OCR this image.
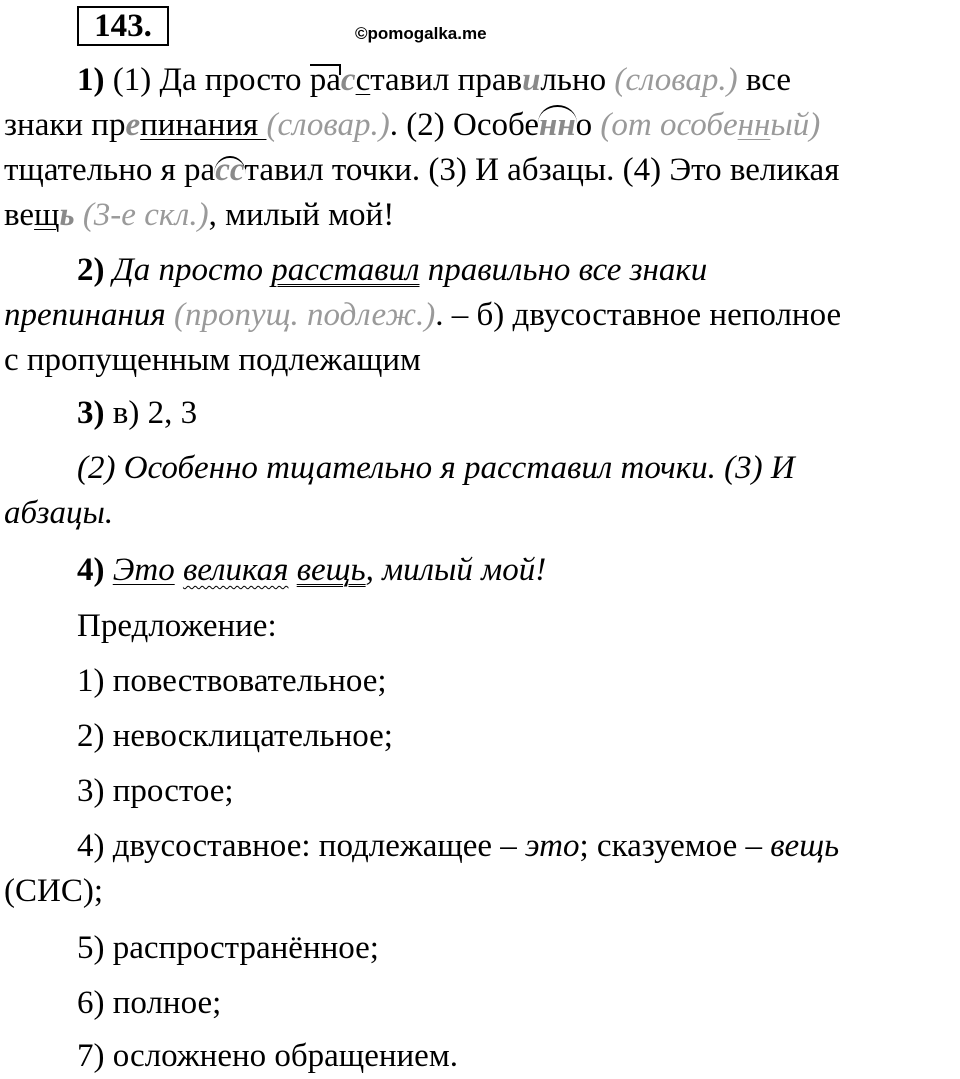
143.	©pomogalka.me
1) (1) Да просто расставил правильно (словар.) все
знаки препинания (словар.). (2) Особенно (от особенный)
тщательно я расставил точки. (3) И абзацы. (4) Это великая
вещь (3-е скл.), милый мой!
2) Да просто расставил правильно все знаки
препинания (пропущ. подлеж.). – б) двусоставное неполное
с пропущенным подлежащим
3) в) 2, 3
(2) Особенно тщательно я расставил точки. (3) И
абзацы.
4) Это великая вещь, милый мой!
Предложение:
1) повествовательное;
2) невосклицательное;
3) простое;
4) двусоставное: подлежащее – это; сказуемое – вещь
(СИС);
5) распространённое;
6) полное;
7) осложнено обращением.
